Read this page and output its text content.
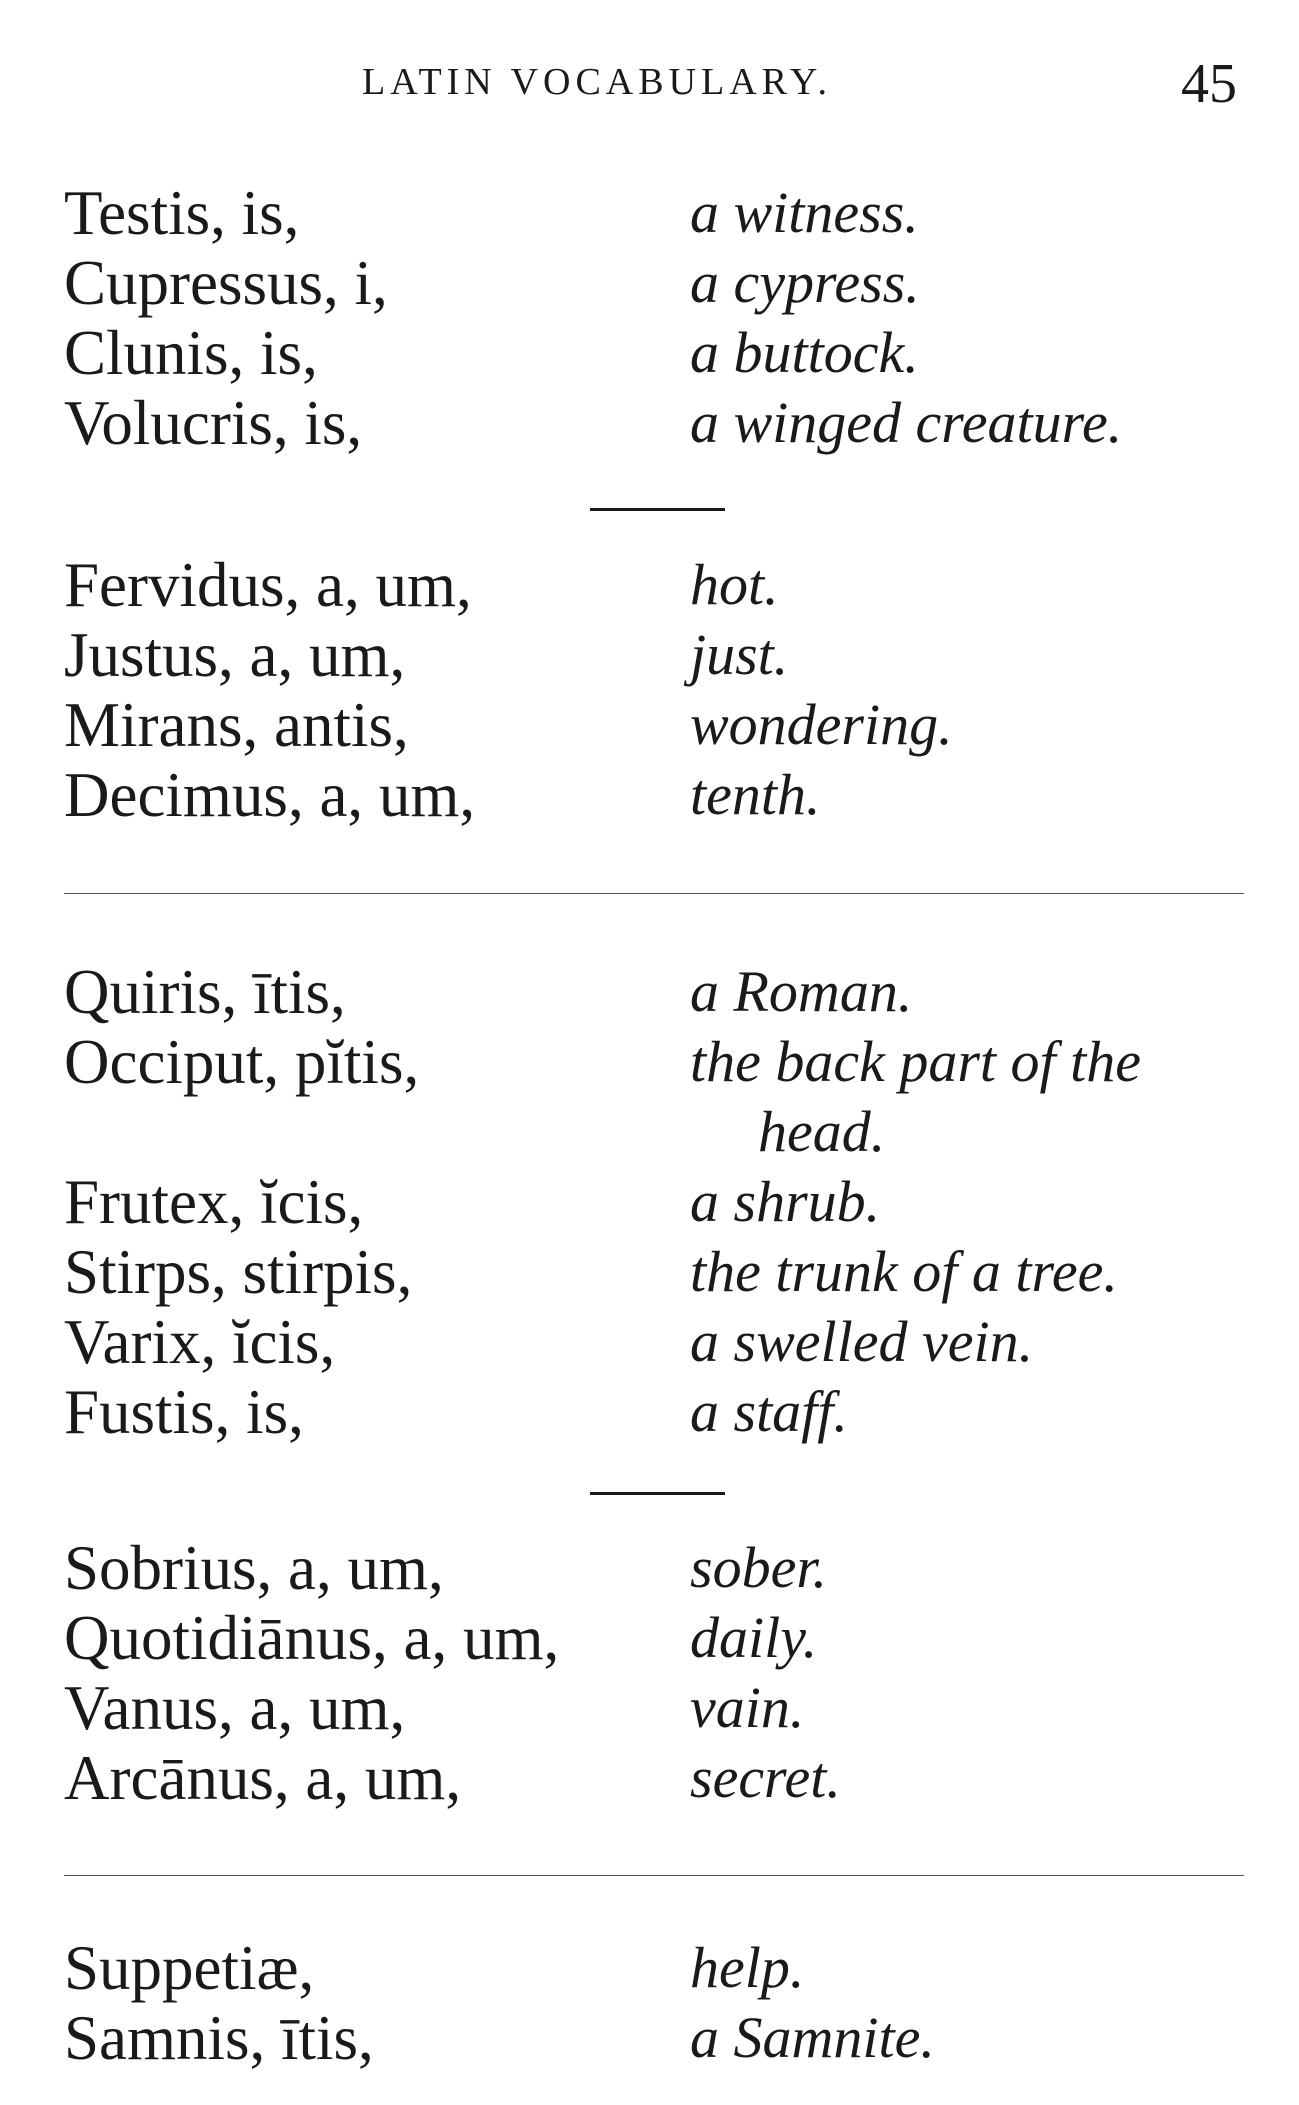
LATIN VOCABULARY.	45
Testis, is,	a witness.
Cupressus, i,	a cypress.
Clunis, is,	a buttock.
Volucris, is,	a winged creature.
Fervidus, a, um,	hot.
Justus, a, um,	just.
Mirans, antis,	wondering.
Decimus, a, um,	tenth.
Quiris, ītis,	a Roman.
Occiput, pĭtis,	the back part of the
head.
Frutex, ĭcis,	a shrub.
Stirps, stirpis,	the trunk of a tree.
Varix, ĭcis,	a swelled vein.
Fustis, is,	a staff.
Sobrius, a, um,	sober.
Quotidiānus, a, um, daily.
Vanus, a, um,	vain.
Arcānus, a, um,	secret.
Suppetiæ,	help.
Samnis, ītis,	a Samnite.
